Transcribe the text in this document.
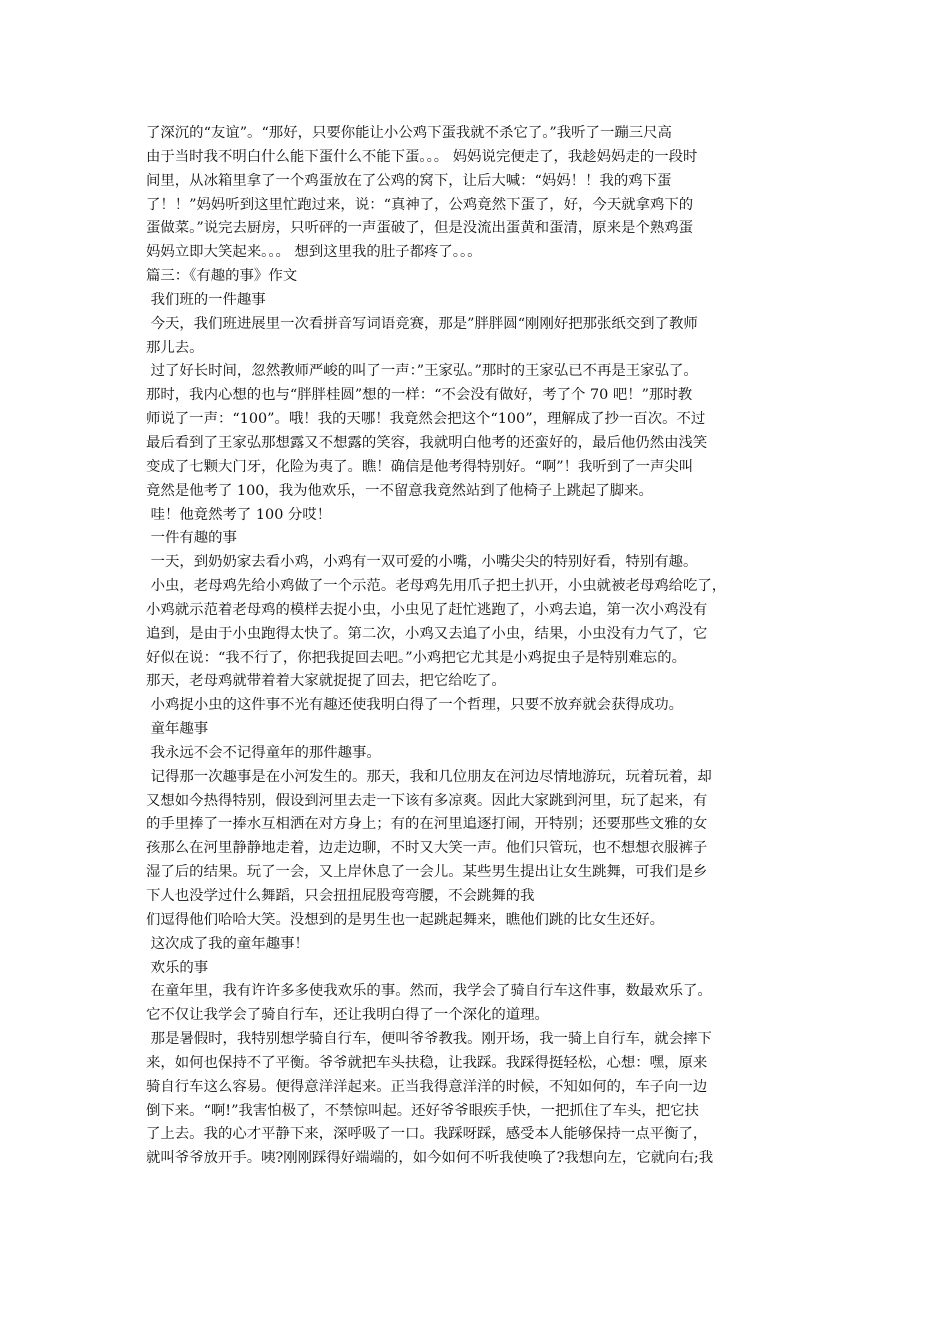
了深沉的“友谊”。“那好，只要你能让小公鸡下蛋我就不杀它了。”我听了一蹦三尺高
由于当时我不明白什么能下蛋什么不能下蛋。。。 妈妈说完便走了，我趁妈妈走的一段时
间里，从冰箱里拿了一个鸡蛋放在了公鸡的窝下，让后大喊：“妈妈！！我的鸡下蛋
了！！”妈妈听到这里忙跑过来，说：“真神了，公鸡竟然下蛋了，好，今天就拿鸡下的
蛋做菜。”说完去厨房，只听砰的一声蛋破了，但是没流出蛋黄和蛋清，原来是个熟鸡蛋
妈妈立即大笑起来。。。 想到这里我的肚子都疼了。。。
篇三：《有趣的事》作文
我们班的一件趣事
今天，我们班进展里一次看拼音写词语竞赛，那是”胖胖圆“刚刚好把那张纸交到了教师
那儿去。
过了好长时间，忽然教师严峻的叫了一声：”王家弘。”那时的王家弘已不再是王家弘了。
那时，我内心想的也与“胖胖桂圆”想的一样：“不会没有做好，考了个 70 吧！”那时教
师说了一声：“100”。哦！我的天哪！我竟然会把这个“100”，理解成了抄一百次。不过
最后看到了王家弘那想露又不想露的笑容，我就明白他考的还蛮好的，最后他仍然由浅笑
变成了七颗大门牙，化险为夷了。瞧！确信是他考得特别好。“啊”！我听到了一声尖叫
竟然是他考了 100，我为他欢乐，一不留意我竟然站到了他椅子上跳起了脚来。
哇！他竟然考了 100 分哎！
一件有趣的事
一天，到奶奶家去看小鸡，小鸡有一双可爱的小嘴，小嘴尖尖的特别好看，特别有趣。
小虫，老母鸡先给小鸡做了一个示范。老母鸡先用爪子把土扒开，小虫就被老母鸡给吃了，
小鸡就示范着老母鸡的模样去捉小虫，小虫见了赶忙逃跑了，小鸡去追，第一次小鸡没有
追到，是由于小虫跑得太快了。第二次，小鸡又去追了小虫，结果，小虫没有力气了，它
好似在说：“我不行了，你把我捉回去吧。”小鸡把它尤其是小鸡捉虫子是特别难忘的。
那天，老母鸡就带着着大家就捉捉了回去，把它给吃了。
小鸡捉小虫的这件事不光有趣还使我明白得了一个哲理，只要不放弃就会获得成功。
童年趣事
我永远不会不记得童年的那件趣事。
记得那一次趣事是在小河发生的。那天，我和几位朋友在河边尽情地游玩，玩着玩着，却
又想如今热得特别，假设到河里去走一下该有多凉爽。因此大家跳到河里，玩了起来，有
的手里捧了一捧水互相洒在对方身上；有的在河里追逐打闹，开特别；还要那些文雅的女
孩那么在河里静静地走着，边走边聊，不时又大笑一声。他们只管玩，也不想想衣服裤子
湿了后的结果。玩了一会，又上岸休息了一会儿。某些男生提出让女生跳舞，可我们是乡
下人也没学过什么舞蹈，只会扭扭屁股弯弯腰，不会跳舞的我
们逗得他们哈哈大笑。没想到的是男生也一起跳起舞来，瞧他们跳的比女生还好。
这次成了我的童年趣事！
欢乐的事
在童年里，我有许许多多使我欢乐的事。然而，我学会了骑自行车这件事，数最欢乐了。
它不仅让我学会了骑自行车，还让我明白得了一个深化的道理。
那是暑假时，我特别想学骑自行车，便叫爷爷教我。刚开场，我一骑上自行车，就会摔下
来，如何也保持不了平衡。爷爷就把车头扶稳，让我踩。我踩得挺轻松，心想：嘿，原来
骑自行车这么容易。便得意洋洋起来。正当我得意洋洋的时候，不知如何的，车子向一边
倒下来。“啊!”我害怕极了，不禁惊叫起。还好爷爷眼疾手快，一把抓住了车头，把它扶
了上去。我的心才平静下来，深呼吸了一口。我踩呀踩，感受本人能够保持一点平衡了，
就叫爷爷放开手。咦?刚刚踩得好端端的，如今如何不听我使唤了?我想向左，它就向右;我
